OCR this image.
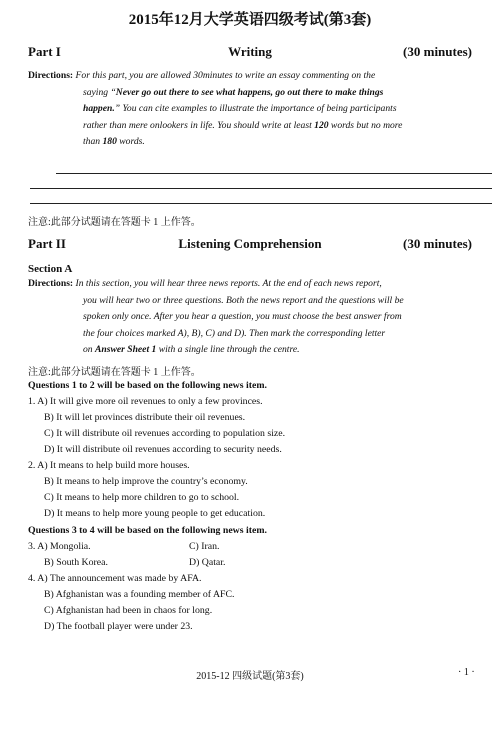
2015年12月大学英语四级考试(第3套)
Part I	Writing	(30 minutes)
Directions: For this part, you are allowed 30minutes to write an essay commenting on the
saying “Never go out there to see what happens, go out there to make things
happen.” You can cite examples to illustrate the importance of being participants
rather than mere onlookers in life. You should write at least 120 words but no more
than 180 words.
注意:此部分试题请在答题卡 1 上作答。
Part II	Listening Comprehension	(30 minutes)
Section A
Directions: In this section, you will hear three news reports. At the end of each news report,
you will hear two or three questions. Both the news report and the questions will be
spoken only once. After you hear a question, you must choose the best answer from
the four choices marked A), B), C) and D). Then mark the corresponding letter
on Answer Sheet 1 with a single line through the centre.
注意:此部分试题请在答题卡 1 上作答。
Questions 1 to 2 will be based on the following news item.
1. A) It will give more oil revenues to only a few provinces.
B) It will let provinces distribute their oil revenues.
C) It will distribute oil revenues according to population size.
D) It will distribute oil revenues according to security needs.
2. A) It means to help build more houses.
B) It means to help improve the country’s economy.
C) It means to help more children to go to school.
D) It means to help more young people to get education.
Questions 3 to 4 will be based on the following news item.
3. A) Mongolia.	C) Iran.
B) South Korea.	D) Qatar.
4. A) The announcement was made by AFA.
B) Afghanistan was a founding member of AFC.
C) Afghanistan had been in chaos for long.
D) The football player were under 23.
2015-12 四级试题(第3套)	· 1 ·
